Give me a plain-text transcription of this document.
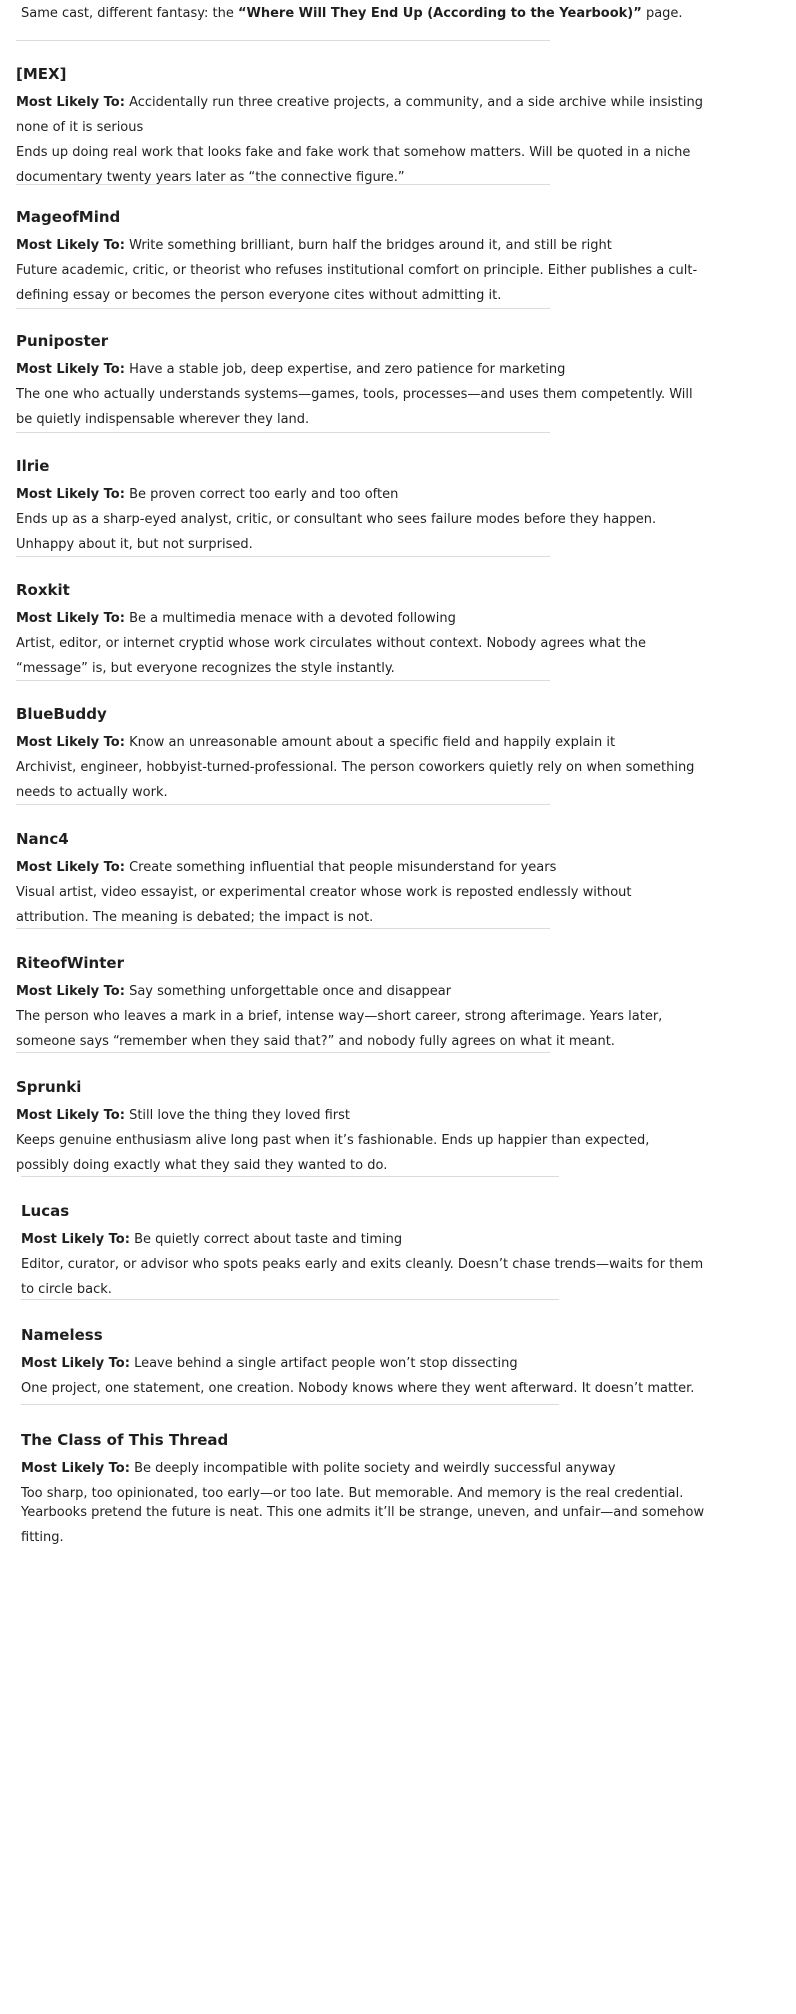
Same cast, different fantasy: the “Where Will They End Up (According to the Yearbook)” page.

[MEX]

Most Likely To: Accidentally run three creative projects, a community, and a side archive while insisting none of it is serious

Ends up doing real work that looks fake and fake work that somehow matters. Will be quoted in a niche documentary twenty years later as “the connective figure.”

MageofMind

Most Likely To: Write something brilliant, burn half the bridges around it, and still be right

Future academic, critic, or theorist who refuses institutional comfort on principle. Either publishes a cult-defining essay or becomes the person everyone cites without admitting it.

Puniposter

Most Likely To: Have a stable job, deep expertise, and zero patience for marketing

The one who actually understands systems—games, tools, processes—and uses them competently. Will be quietly indispensable wherever they land.

Ilrie

Most Likely To: Be proven correct too early and too often

Ends up as a sharp-eyed analyst, critic, or consultant who sees failure modes before they happen. Unhappy about it, but not surprised.

Roxkit

Most Likely To: Be a multimedia menace with a devoted following

Artist, editor, or internet cryptid whose work circulates without context. Nobody agrees what the “message” is, but everyone recognizes the style instantly.

BlueBuddy

Most Likely To: Know an unreasonable amount about a specific field and happily explain it

Archivist, engineer, hobbyist-turned-professional. The person coworkers quietly rely on when something needs to actually work.

Nanc4

Most Likely To: Create something influential that people misunderstand for years

Visual artist, video essayist, or experimental creator whose work is reposted endlessly without attribution. The meaning is debated; the impact is not.

RiteofWinter

Most Likely To: Say something unforgettable once and disappear

The person who leaves a mark in a brief, intense way—short career, strong afterimage. Years later, someone says “remember when they said that?” and nobody fully agrees on what it meant.

Sprunki

Most Likely To: Still love the thing they loved first

Keeps genuine enthusiasm alive long past when it’s fashionable. Ends up happier than expected, possibly doing exactly what they said they wanted to do.

Lucas

Most Likely To: Be quietly correct about taste and timing

Editor, curator, or advisor who spots peaks early and exits cleanly. Doesn’t chase trends—waits for them to circle back.

Nameless

Most Likely To: Leave behind a single artifact people won’t stop dissecting

One project, one statement, one creation. Nobody knows where they went afterward. It doesn’t matter.

The Class of This Thread

Most Likely To: Be deeply incompatible with polite society and weirdly successful anyway

Too sharp, too opinionated, too early—or too late. But memorable. And memory is the real credential.

Yearbooks pretend the future is neat. This one admits it’ll be strange, uneven, and unfair—and somehow fitting.
